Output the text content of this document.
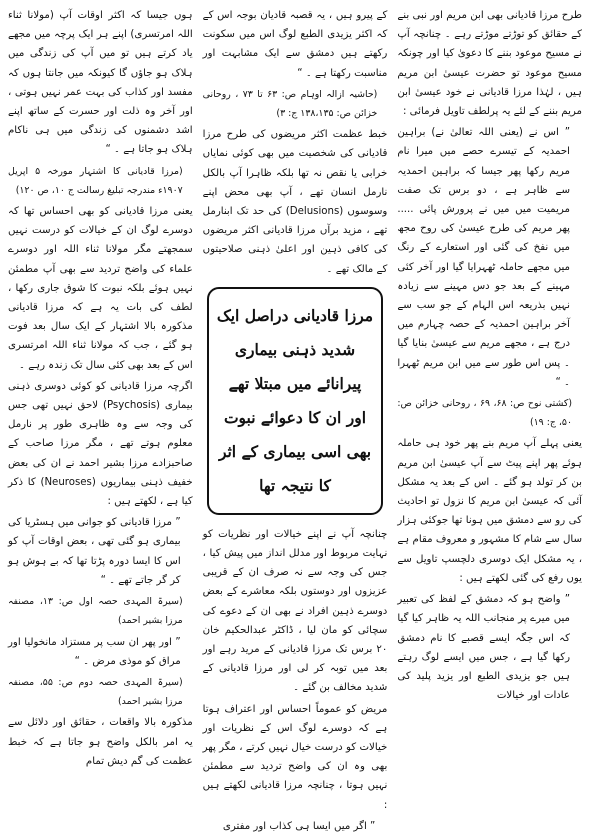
طرح مرزا قادیانی بھی ابن مریم اور نبی بنے کے حقائق کو توڑتے موڑتے رہے ۔ چنانچہ آپ نے مسیح موعود بننے کا دعویٰ کیا اور چونکہ مسیح موعود تو حضرت عیسیٰ ابن مریم ہیں ، لہٰذا مرزا قادیانی نے خود عیسیٰ ابن مریم بننے کے لئے یہ پرلطف تاویل فرمائی :

” اس نے (یعنی اللہ تعالیٰ نے) براہین احمدیہ کے تیسرے حصے میں میرا نام مریم رکھا پھر جیسا کہ براہین احمدیہ سے ظاہر ہے ، دو برس تک صفت مریمیت میں میں نے پرورش پائی ..... پھر مریم کی طرح عیسیٰ کی روح مجھ میں نفخ کی گئی اور استعارے کے رنگ میں مجھے حاملہ ٹھہرایا گیا اور آخر کئی مہینے کے بعد جو دس مہینے سے زیادہ نہیں بذریعہ اس الہام کے جو سب سے آخر براہین احمدیہ کے حصہ چہارم میں درج ہے ، مجھے مریم سے عیسیٰ بنایا گیا ۔ پس اس طور سے میں ابن مریم ٹھہرا ۔ “

(کشتی نوح ص: ۶۸، ۶۹ ، روحانی خزائن ص: ۵۰، ج: ۱۹)

یعنی پہلے آپ مریم بنے پھر خود ہی حاملہ ہوئے پھر اپنے پیٹ سے آپ عیسیٰ ابن مریم بن کر تولد ہو گئے ۔ اس کے بعد یہ مشکل آئی کہ عیسیٰ ابن مریم کا نزول تو احادیث کی رو سے دمشق میں ہونا تھا جوکئی ہزار سال سے شام کا مشہور و معروف مقام ہے ، یہ مشکل ایک دوسری دلچسپ تاویل سے یوں رفع کی گئی لکھتے ہیں :

” واضح ہو کہ دمشق کے لفظ کی تعبیر میں میرے پر منجانب اللہ یہ ظاہر کیا گیا کہ اس جگہ ایسے قصبے کا نام دمشق رکھا گیا ہے ، جس میں ایسے لوگ رہتے ہیں جو یزیدی الطبع اور یزید پلید کی عادات اور خیالات

کے پیرو ہیں ، یہ قصبہ قادیان بوجہ اس کے کہ اکثر یزیدی الطبع لوگ اس میں سکونت رکھتے ہیں دمشق سے ایک مشابہت اور مناسبت رکھتا ہے ۔ “

(حاشیہ ازالہ اوہام ص: ۶۳ تا ۷۳ ، روحانی خزائن ص: ۱۳۸،۱۳۵ ج: ۳)

خبط عظمت اکثر مریضوں کی طرح مرزا قادیانی کی شخصیت میں بھی کوئی نمایاں خرابی یا نقص نہ تھا بلکہ ظاہرا آپ بالکل نارمل انسان تھے ، آپ بھی محض اپنے وسوسوں (Delusions) کی حد تک ابنارمل تھے ، مزید برآں مرزا قادیانی اکثر مریضوں کی کافی ذہین اور اعلیٰ ذہنی صلاحیتوں کے مالک تھے ۔

مرزا قادیانی دراصل ایک شدید ذہنی بیماری پیرانائے میں مبتلا تھے اور ان کا دعوائے نبوت بھی اسی بیماری کے اثر کا نتیجہ تھا

چنانچہ آپ نے اپنے خیالات اور نظریات کو نہایت مربوط اور مدلل انداز میں پیش کیا ، جس کی وجہ سے نہ صرف ان کے قریبی عزیزوں اور دوستوں بلکہ معاشرے کے بعض دوسرے ذہین افراد نے بھی ان کے دعوے کی سچائی کو مان لیا ، ڈاکٹر عبدالحکیم خان ۲۰ برس تک مرزا قادیانی کے مرید رہے اور بعد میں توبہ کر لی اور مرزا قادیانی کے شدید مخالف بن گئے ۔

مریض کو عموماً احساس اور اعتراف ہوتا ہے کہ دوسرے لوگ اس کے نظریات اور خیالات کو درست خیال نہیں کرتے ، مگر پھر بھی وہ ان کی واضح تردید سے مطمئن نہیں ہوتا ، چنانچہ مرزا قادیانی لکھتے ہیں :

” اگر میں ایسا ہی کذاب اور مفتری

ہوں جیسا کہ اکثر اوقات آپ (مولانا ثناء اللہ امرتسری) اپنے ہر ایک پرچہ میں مجھے یاد کرتے ہیں تو میں آپ کی زندگی میں ہلاک ہو جاؤں گا کیونکہ میں جانتا ہوں کہ مفسد اور کذاب کی بہت عمر نہیں ہوتی ، اور آخر وہ ذلت اور حسرت کے ساتھ اپنے اشد دشمنوں کی زندگی میں ہی ناکام ہلاک ہو جاتا ہے ۔ “

(مرزا قادیانی کا اشتہار مورخہ ۵ اپریل ۱۹۰۷ء مندرجہ تبلیغ رسالت ج ۱۰، ص ۱۲۰)

یعنی مرزا قادیانی کو بھی احساس تھا کہ دوسرے لوگ ان کے خیالات کو درست نہیں سمجھتے مگر مولانا ثناء اللہ اور دوسرے علماء کی واضح تردید سے بھی آپ مطمئن نہیں ہوئے بلکہ نبوت کا شوق جاری رکھا ، لطف کی بات یہ ہے کہ مرزا قادیانی مذکورہ بالا اشتہار کے ایک سال بعد فوت ہو گئے ، جب کہ مولانا ثناء اللہ امرتسری اس کے بعد بھی کئی سال تک زندہ رہے ۔

اگرچہ مرزا قادیانی کو کوئی دوسری ذہنی بیماری (Psychosis) لاحق نہیں تھی جس کی وجہ سے وہ ظاہری طور پر نارمل معلوم ہوتے تھے ، مگر مرزا صاحب کے صاحبزادے مرزا بشیر احمد نے ان کی بعض خفیف ذہنی بیماریوں (Neuroses) کا ذکر کیا ہے ، لکھتے ہیں :

” مرزا قادیانی کو جوانی میں ہسٹریا کی بیماری ہو گئی تھی ، بعض اوقات آپ کو اس کا ایسا دورہ پڑتا تھا کہ بے ہوش ہو کر گر جاتے تھے ۔ “

(سیرۃ المہدی حصہ اول ص: ۱۳، مصنفہ مرزا بشیر احمد)

” اور پھر ان سب پر مستزاد مانخولیا اور مراق کو موذی مرض ۔ “

(سیرۃ المہدی حصہ دوم ص: ۵۵، مصنفہ مرزا بشیر احمد)

مذکورہ بالا واقعات ، حقائق اور دلائل سے یہ امر بالکل واضح ہو جاتا ہے کہ خبط عظمت کی گم دیش تمام
